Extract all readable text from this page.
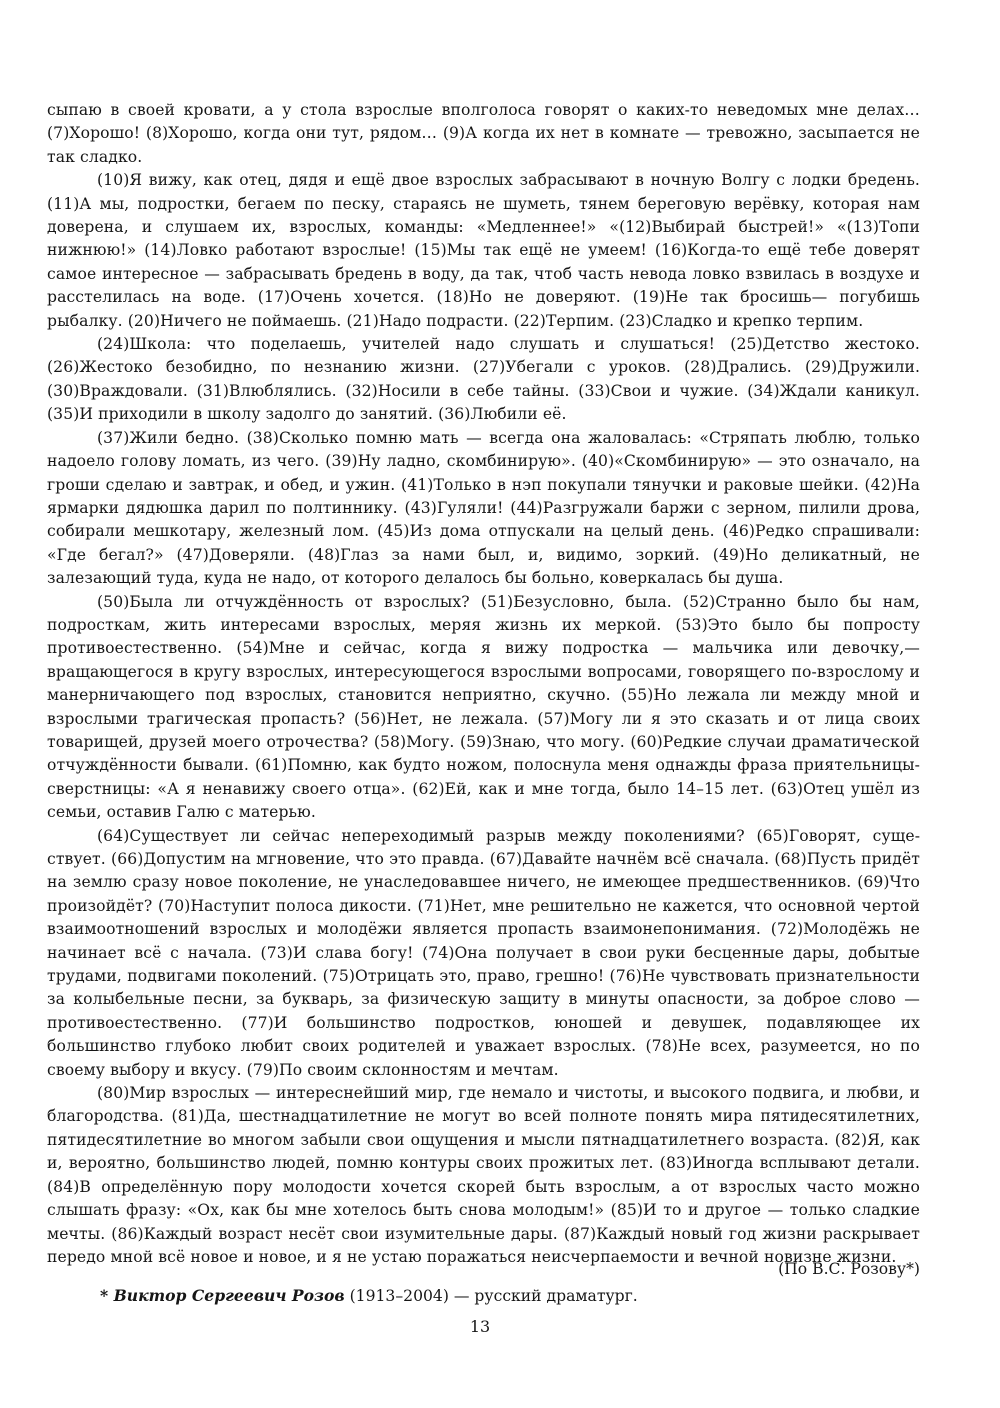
сыпаю в своей кровати, а у стола взрослые вполголоса говорят о каких-то неведомых мне делах… (7)Хорошо! (8)Хорошо, когда они тут, рядом… (9)А когда их нет в комнате — тревожно, засыпается не так сладко.

(10)Я вижу, как отец, дядя и ещё двое взрослых забрасывают в ночную Волгу с лодки бредень. (11)А мы, подростки, бегаем по песку, стараясь не шуметь, тянем береговую верёвку, которая нам доверена, и слушаем их, взрослых, команды: «Медленнее!» «(12)Выбирай быстрей!» «(13)Топи нижнюю!» (14)Ловко работают взрослые! (15)Мы так ещё не умеем! (16)Когда-то ещё тебе доверят самое интересное — забрасывать бредень в воду, да так, чтоб часть невода ловко взвилась в воздухе и расстелилась на воде. (17)Очень хочется. (18)Но не доверяют. (19)Не так бросишь— погубишь рыбалку. (20)Ничего не поймаешь. (21)Надо подрасти. (22)Терпим. (23)Сладко и крепко терпим.

(24)Школа: что поделаешь, учителей надо слушать и слушаться! (25)Детство жестоко. (26)Жестоко безобидно, по незнанию жизни. (27)Убегали с уроков. (28)Дрались. (29)Дружили. (30)Враждовали. (31)Влюблялись. (32)Носили в себе тайны. (33)Свои и чужие. (34)Ждали каникул. (35)И приходили в школу задолго до занятий. (36)Любили её.

(37)Жили бедно. (38)Сколько помню мать — всегда она жаловалась: «Стряпать люблю, только надоело голову ломать, из чего. (39)Ну ладно, скомбинирую». (40)«Скомбинирую» — это означало, на гроши сделаю и завтрак, и обед, и ужин. (41)Только в нэп покупали тянучки и раковые шейки. (42)На ярмарки дядюшка дарил по полтиннику. (43)Гуляли! (44)Разгружали баржи с зерном, пилили дрова, собирали мешкотару, железный лом. (45)Из дома отпускали на целый день. (46)Редко спрашивали: «Где бегал?» (47)Доверяли. (48)Глаз за нами был, и, видимо, зоркий. (49)Но деликатный, не залезающий туда, куда не надо, от которого делалось бы больно, коверкалась бы душа.

(50)Была ли отчуждённость от взрослых? (51)Безусловно, была. (52)Странно было бы нам, подросткам, жить интересами взрослых, меряя жизнь их меркой. (53)Это было бы попросту противоестественно. (54)Мне и сейчас, когда я вижу подростка — мальчика или девочку,— вращающегося в кругу взрослых, интересующегося взрослыми вопросами, говорящего по-взрослому и манерничающего под взрослых, становится неприятно, скучно. (55)Но лежала ли между мной и взрослыми трагическая пропасть? (56)Нет, не лежала. (57)Могу ли я это сказать и от лица своих товарищей, друзей моего отрочества? (58)Могу. (59)Знаю, что могу. (60)Редкие случаи драматической отчуждённости бывали. (61)Помню, как будто ножом, полоснула меня однажды фраза приятельницы-сверстницы: «А я ненавижу своего отца». (62)Ей, как и мне тогда, было 14–15 лет. (63)Отец ушёл из семьи, оставив Галю с матерью.

(64)Существует ли сейчас непереходимый разрыв между поколениями? (65)Говорят, существует. (66)Допустим на мгновение, что это правда. (67)Давайте начнём всё сначала. (68)Пусть придёт на землю сразу новое поколение, не унаследовавшее ничего, не имеющее предшественников. (69)Что произойдёт? (70)Наступит полоса дикости. (71)Нет, мне решительно не кажется, что основной чертой взаимоотношений взрослых и молодёжи является пропасть взаимонепонимания. (72)Молодёжь не начинает всё с начала. (73)И слава богу! (74)Она получает в свои руки бесценные дары, добытые трудами, подвигами поколений. (75)Отрицать это, право, грешно! (76)Не чувствовать признательности за колыбельные песни, за букварь, за физическую защиту в минуты опасности, за доброе слово — противоестественно. (77)И большинство подростков, юношей и девушек, подавляющее их большинство глубоко любит своих родителей и уважает взрослых. (78)Не всех, разумеется, но по своему выбору и вкусу. (79)По своим склонностям и мечтам.

(80)Мир взрослых — интереснейший мир, где немало и чистоты, и высокого подвига, и любви, и благородства. (81)Да, шестнадцатилетние не могут во всей полноте понять мира пятидесятилетних, пятидесятилетние во многом забыли свои ощущения и мысли пятнадцатилетнего возраста. (82)Я, как и, вероятно, большинство людей, помню контуры своих прожитых лет. (83)Иногда всплывают детали. (84)В определённую пору молодости хочется скорей быть взрослым, а от взрослых часто можно слышать фразу: «Ох, как бы мне хотелось быть снова молодым!» (85)И то и другое — только сладкие мечты. (86)Каждый возраст несёт свои изумительные дары. (87)Каждый новый год жизни раскрывает передо мной всё новое и новое, и я не устаю поражаться неисчерпаемости и вечной новизне жизни.

(По В.С. Розову*)

* Виктор Сергеевич Розов (1913–2004) — русский драматург.

13
